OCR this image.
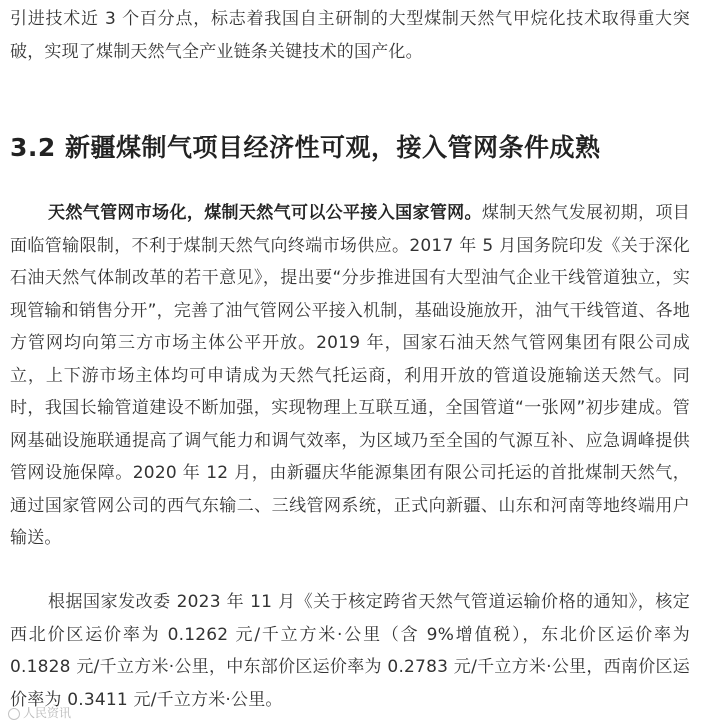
引进技术近 3 个百分点，标志着我国自主研制的大型煤制天然气甲烷化技术取得重大突破，实现了煤制天然气全产业链条关键技术的国产化。

3.2 新疆煤制气项目经济性可观，接入管网条件成熟

天然气管网市场化，煤制天然气可以公平接入国家管网。煤制天然气发展初期，项目面临管输限制，不利于煤制天然气向终端市场供应。2017 年 5 月国务院印发《关于深化石油天然气体制改革的若干意见》，提出要“分步推进国有大型油气企业干线管道独立，实现管输和销售分开”，完善了油气管网公平接入机制，基础设施放开，油气干线管道、各地方管网均向第三方市场主体公平开放。2019 年，国家石油天然气管网集团有限公司成立，上下游市场主体均可申请成为天然气托运商，利用开放的管道设施输送天然气。同时，我国长输管道建设不断加强，实现物理上互联互通，全国管道“一张网”初步建成。管网基础设施联通提高了调气能力和调气效率，为区域乃至全国的气源互补、应急调峰提供管网设施保障。2020 年 12 月，由新疆庆华能源集团有限公司托运的首批煤制天然气，通过国家管网公司的西气东输二、三线管网系统，正式向新疆、山东和河南等地终端用户输送。

根据国家发改委 2023 年 11 月《关于核定跨省天然气管道运输价格的通知》，核定西北价区运价率为 0.1262 元/千立方米·公里（含 9%增值税），东北价区运价率为 0.1828 元/千立方米·公里，中东部价区运价率为 0.2783 元/千立方米·公里，西南价区运价率为 0.3411 元/千立方米·公里。

人民资讯
